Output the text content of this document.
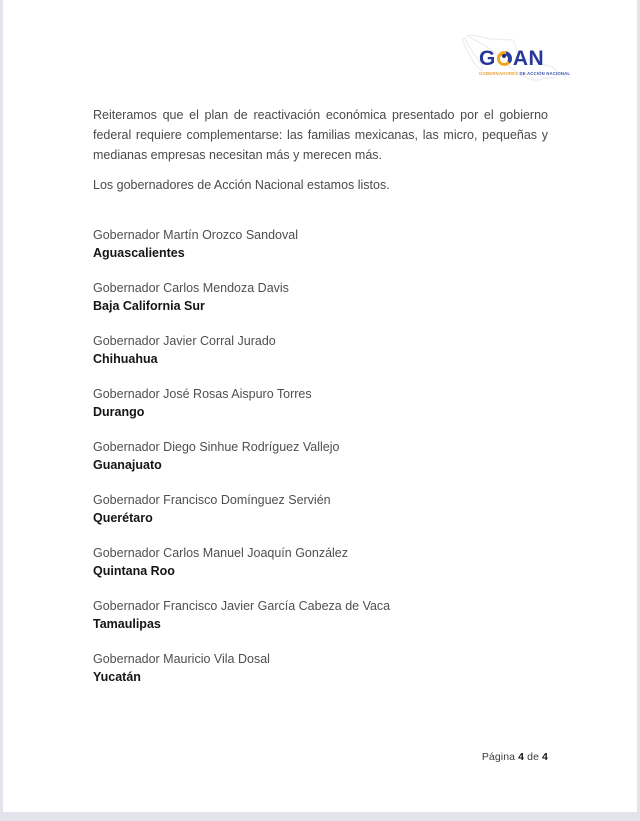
G AN
GOBERNADORES DE ACCIÓN NACIONAL

Reiteramos que el plan de reactivación económica presentado por el gobierno federal requiere complementarse: las familias mexicanas, las micro, pequeñas y medianas empresas necesitan más y merecen más.

Los gobernadores de Acción Nacional estamos listos.

Gobernador Martín Orozco Sandoval
Aguascalientes
Gobernador Carlos Mendoza Davis
Baja California Sur
Gobernador Javier Corral Jurado
Chihuahua
Gobernador José Rosas Aispuro Torres
Durango
Gobernador Diego Sinhue Rodríguez Vallejo
Guanajuato
Gobernador Francisco Domínguez Servién
Querétaro
Gobernador Carlos Manuel Joaquín González
Quintana Roo
Gobernador Francisco Javier García Cabeza de Vaca
Tamaulipas
Gobernador Mauricio Vila Dosal
Yucatán
Página 4 de 4
